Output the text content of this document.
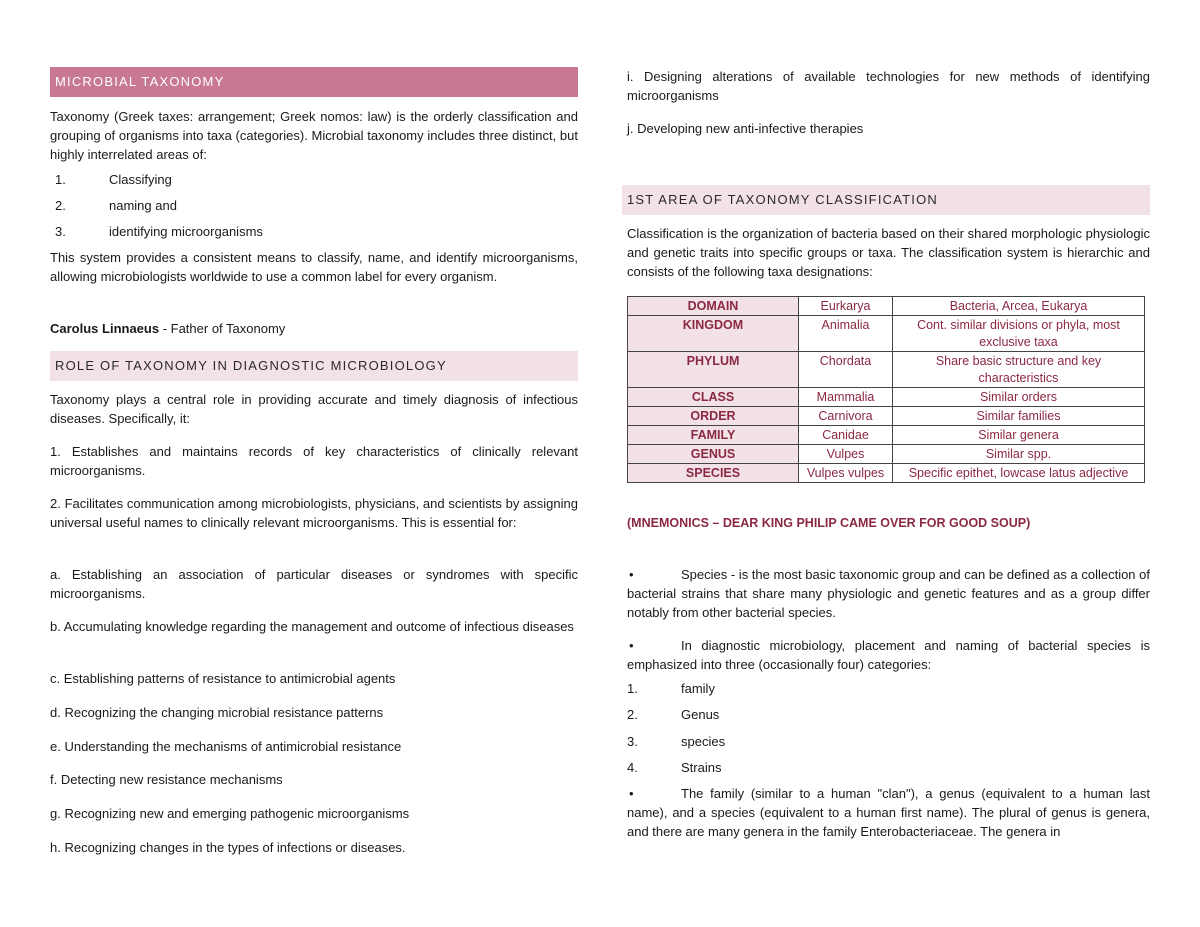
MICROBIAL TAXONOMY

Taxonomy (Greek taxes: arrangement; Greek nomos: law) is the orderly classification and grouping of organisms into taxa (categories). Microbial taxonomy includes three distinct, but highly interrelated areas of:

1.	Classifying
2.	naming and
3.	identifying microorganisms

This system provides a consistent means to classify, name, and identify microorganisms, allowing microbiologists worldwide to use a common label for every organism.

Carolus Linnaeus - Father of Taxonomy

ROLE OF TAXONOMY IN DIAGNOSTIC MICROBIOLOGY

Taxonomy plays a central role in providing accurate and timely diagnosis of infectious diseases. Specifically, it:

1. Establishes and maintains records of key characteristics of clinically relevant microorganisms.

2. Facilitates communication among microbiologists, physicians, and scientists by assigning universal useful names to clinically relevant microorganisms. This is essential for:

a. Establishing an association of particular diseases or syndromes with specific microorganisms.

b. Accumulating knowledge regarding the management and outcome of infectious diseases

c. Establishing patterns of resistance to antimicrobial agents

d. Recognizing the changing microbial resistance patterns

e. Understanding the mechanisms of antimicrobial resistance

f. Detecting new resistance mechanisms

g. Recognizing new and emerging pathogenic microorganisms

h. Recognizing changes in the types of infections or diseases.

i. Designing alterations of available technologies for new methods of identifying microorganisms

j. Developing new anti-infective therapies

1ST AREA OF TAXONOMY CLASSIFICATION

Classification is the organization of bacteria based on their shared morphologic physiologic and genetic traits into specific groups or taxa. The classification system is hierarchic and consists of the following taxa designations:

DOMAIN	Eurkarya	Bacteria, Arcea, Eukarya
KINGDOM	Animalia	Cont. similar divisions or phyla, most exclusive taxa
PHYLUM	Chordata	Share basic structure and key characteristics
CLASS	Mammalia	Similar orders
ORDER	Carnivora	Similar families
FAMILY	Canidae	Similar genera
GENUS	Vulpes	Similar spp.
SPECIES	Vulpes vulpes	Specific epithet, lowcase latus adjective

(MNEMONICS – DEAR KING PHILIP CAME OVER FOR GOOD SOUP)

•	Species - is the most basic taxonomic group and can be defined as a collection of bacterial strains that share many physiologic and genetic features and as a group differ notably from other bacterial species.

•	In diagnostic microbiology, placement and naming of bacterial species is emphasized into three (occasionally four) categories:

1.	family
2.	Genus
3.	species
4.	Strains

•	The family (similar to a human "clan"), a genus (equivalent to a human last name), and a species (equivalent to a human first name). The plural of genus is genera, and there are many genera in the family Enterobacteriaceae. The genera in
